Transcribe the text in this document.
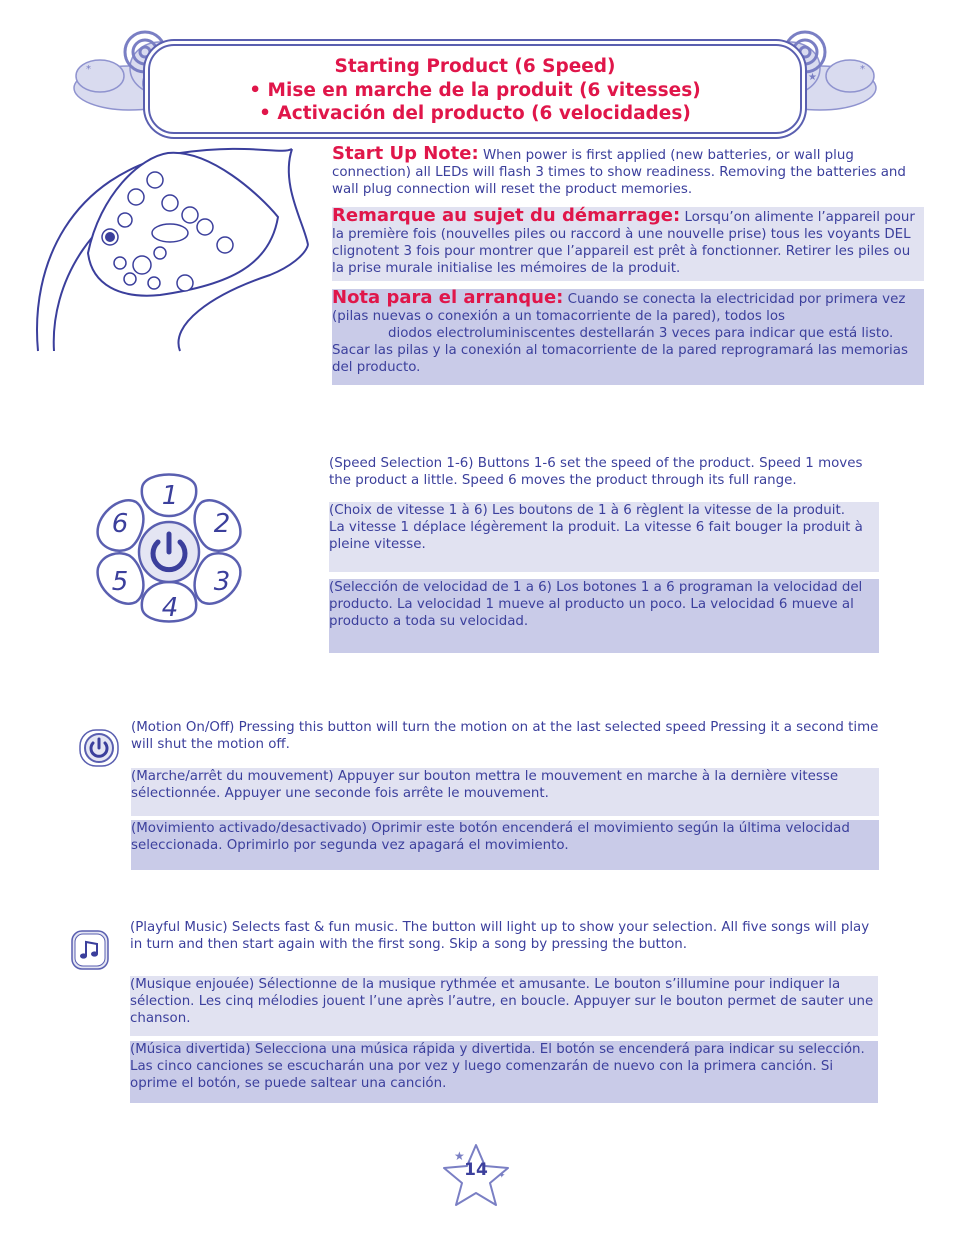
*	*
★
Starting Product (6 Speed)
• Mise en marche de la produit (6 vitesses)
• Activación del producto (6 velocidades)
Start Up Note: When power is first applied (new batteries, or wall plug connection) all LEDs will flash 3 times to show readiness. Removing the batteries and wall plug connection will reset the product memories.
Remarque au sujet du démarrage: Lorsqu’on alimente l’appareil pour la première fois (nouvelles piles ou raccord à une nouvelle prise) tous les voyants DEL clignotent 3 fois pour montrer que l’appareil est prêt à fonctionner. Retirer les piles ou la prise murale initialise les mémoires de la produit.
Nota para el arranque: Cuando se conecta la electricidad por primera vez (pilas nuevas o conexión a un tomacorriente de la pared), todos los
diodos electroluminiscentes destellarán 3 veces para indicar que está listo.
Sacar las pilas y la conexión al tomacorriente de la pared reprogramará las memorias del producto.
1
2
3
4
5
6
(Speed Selection 1-6) Buttons 1-6 set the speed of the product. Speed 1 moves the product a little. Speed 6 moves the product through its full range.
(Choix de vitesse 1 à 6) Les boutons de 1 à 6 règlent la vitesse de la produit.
La vitesse 1 déplace légèrement la produit. La vitesse 6 fait bouger la produit à pleine vitesse.
(Selección de velocidad de 1 a 6) Los botones 1 a 6 programan la velocidad del producto. La velocidad 1 mueve al producto un poco. La velocidad 6 mueve al producto a toda su velocidad.
(Motion On/Off) Pressing this button will turn the motion on at the last selected speed Pressing it a second time will shut the motion off.
(Marche/arrêt du mouvement) Appuyer sur bouton mettra le mouvement en marche à la dernière vitesse sélectionnée. Appuyer une seconde fois arrête le mouvement.
(Movimiento activado/desactivado) Oprimir este botón encenderá el movimiento según la última velocidad seleccionada. Oprimirlo por segunda vez apagará el movimiento.
(Playful Music) Selects fast & fun music. The button will light up to show your selection. All five songs will play in turn and then start again with the first song. Skip a song by pressing the button.
(Musique enjouée) Sélectionne de la musique rythmée et amusante. Le bouton s’illumine pour indiquer la sélection. Les cinq mélodies jouent l’une après l’autre, en boucle. Appuyer sur le bouton permet de sauter une chanson.
(Música divertida) Selecciona una música rápida y divertida. El botón se encenderá para indicar su selección. Las cinco canciones se escucharán una por vez y luego comenzarán de nuevo con la primera canción. Si oprime el botón, se puede saltear una canción.
★
✦
14
